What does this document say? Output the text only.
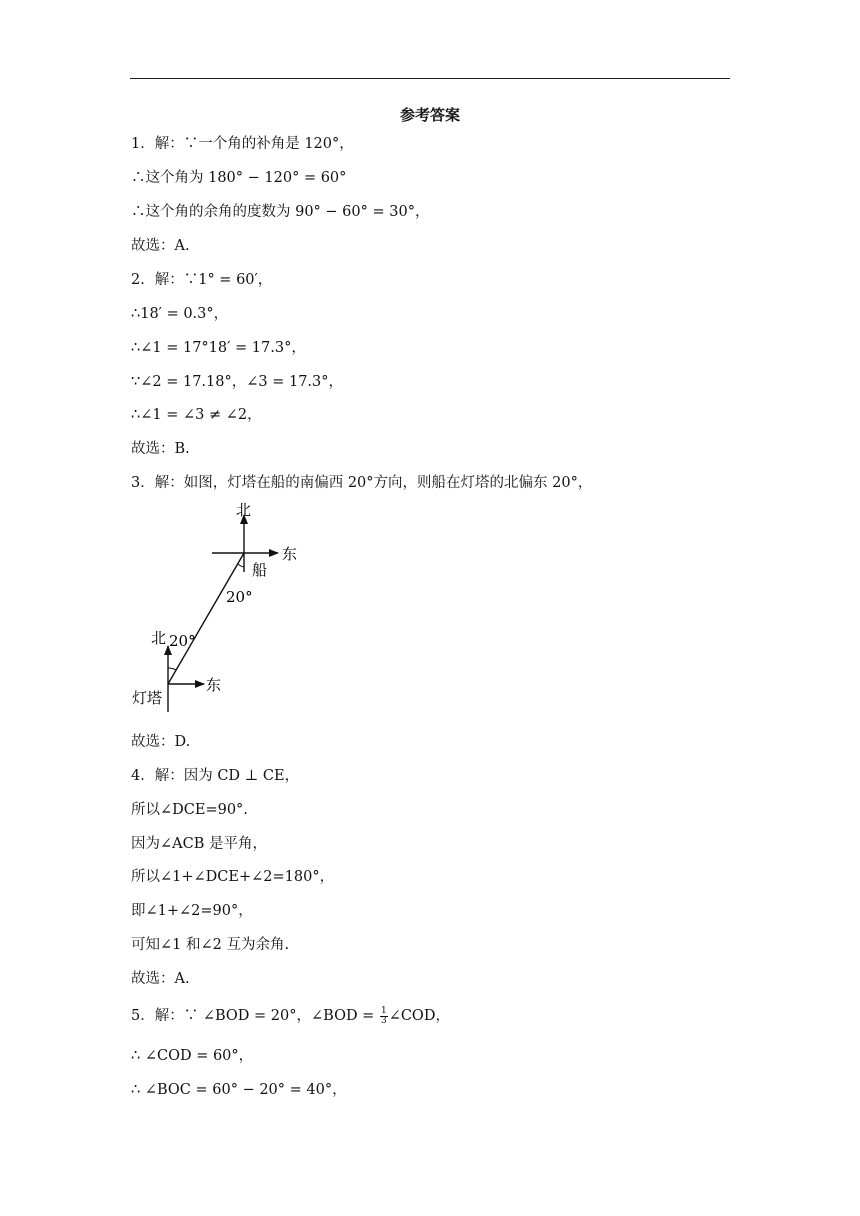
参考答案
1．解：∵一个角的补角是 120°，
∴这个角为 180° − 120° = 60°
∴这个角的余角的度数为 90° − 60° = 30°，
故选：A.
2．解：∵1° = 60′，
∴18′ = 0.3°，
∴∠1 = 17°18′ = 17.3°，
∵∠2 = 17.18°，∠3 = 17.3°，
∴∠1 = ∠3 ≠ ∠2，
故选：B.
3．解：如图，灯塔在船的南偏西 20°方向，则船在灯塔的北偏东 20°，
北
东
船
20°
北 20°
东
灯塔
故选：D.
4．解：因为 CD ⊥ CE，
所以∠DCE=90°.
因为∠ACB 是平角，
所以∠1+∠DCE+∠2=180°，
即∠1+∠2=90°，
可知∠1 和∠2 互为余角.
故选：A.
5．解：∵ ∠BOD = 20°，∠BOD = $\frac{1}{3}$ ∠COD，
∴ ∠COD = 60°，
∴ ∠BOC = 60° − 20° = 40°，
